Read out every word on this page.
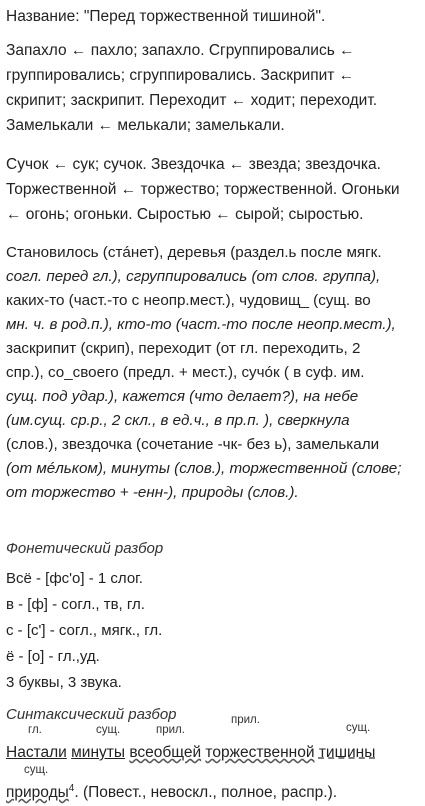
Название: "Перед торжественной тишиной".

Запахло ← пахло; запахло. Сгруппировались ←

группировались; сгруппировались. Заскрипит ←

скрипит; заскрипит. Переходит ← ходит; переходит.

Замелькали ← мелькали; замелькали.

Сучок ← сук; сучок. Звездочка ← звезда; звездочка.

Торжественной ← торжество; торжественной. Огоньки

← огонь; огоньки. Сыростью ← сырой; сыростью.

Становилось (стáнет), деревья (раздел.ь после мягк.
согл. перед гл.), сгруппировались (от слов. группа),
каких-то (част.-то с неопр.мест.), чудовищ_ (сущ. во
мн. ч. в род.п.), кто-то (част.-то после неопр.мест.),
заскрипит (скрип), переходит (от гл. переходить, 2
спр.), со_своего (предл. + мест.), сучóк ( в суф. им.
сущ. под удар.), кажется (что делает?), на небе
(им.сущ. ср.р., 2 скл., в ед.ч., в пр.п. ), сверкнула
(слов.), звездочка (сочетание -чк- без ь), замелькали
(от мéльком), минуты (слов.), торжественной (слове;
от торжество + -енн-), природы (слов.).
Фонетический разбор
Всё - [фс'о] - 1 слог.
в - [ф] - согл., тв, гл.
с - [с'] - согл., мягк., гл.
ё - [о] - гл.,уд.
3 буквы, 3 звука.
Синтаксический разбор
гл.	сущ.	прил.
прил.
сущ.
Настали минуты всеобщей торжественной тишины
сущ.
природы$^4$. (Повест., невоскл., полное, распр.).
